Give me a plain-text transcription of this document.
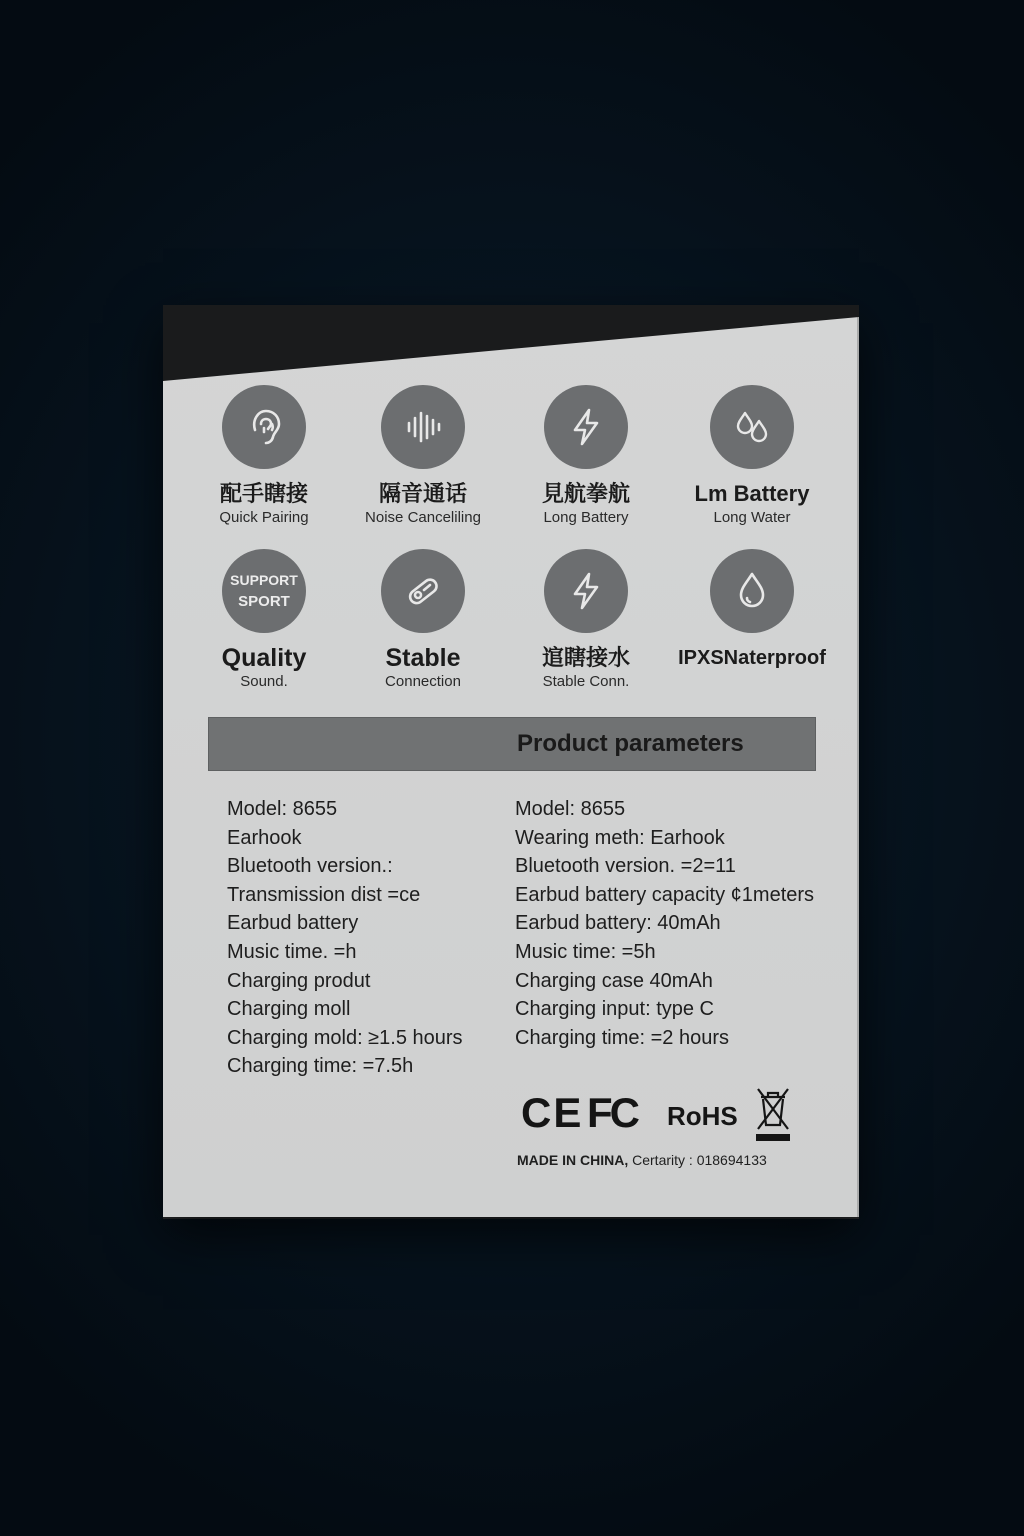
配手瞎接
Quick Pairing
隔音通话
Noise Canceliling
見航拳航
Long Battery
Lm Battery
Long Water
SUPPORT
SPORT
Quality
Sound.
Stable
Connection
逭瞎接水
Stable Conn.
IPXSNaterproof
Product parameters
Model: 8655
Earhook
Bluetooth version.:
Transmission dist =ce
Earbud battery
Music time. =h
Charging produt
Charging moll
Charging mold: ≥1.5 hours
Charging time: =7.5h
Model: 8655
Wearing meth: Earhook
Bluetooth version. =2=11
Earbud battery capacity ¢1meters
Earbud battery: 40mAh
Music time: =5h
Charging case 40mAh
Charging input: type C
Charging time: =2 hours
CE FC RoHS
MADE IN CHINA, Certarity : 018694133
